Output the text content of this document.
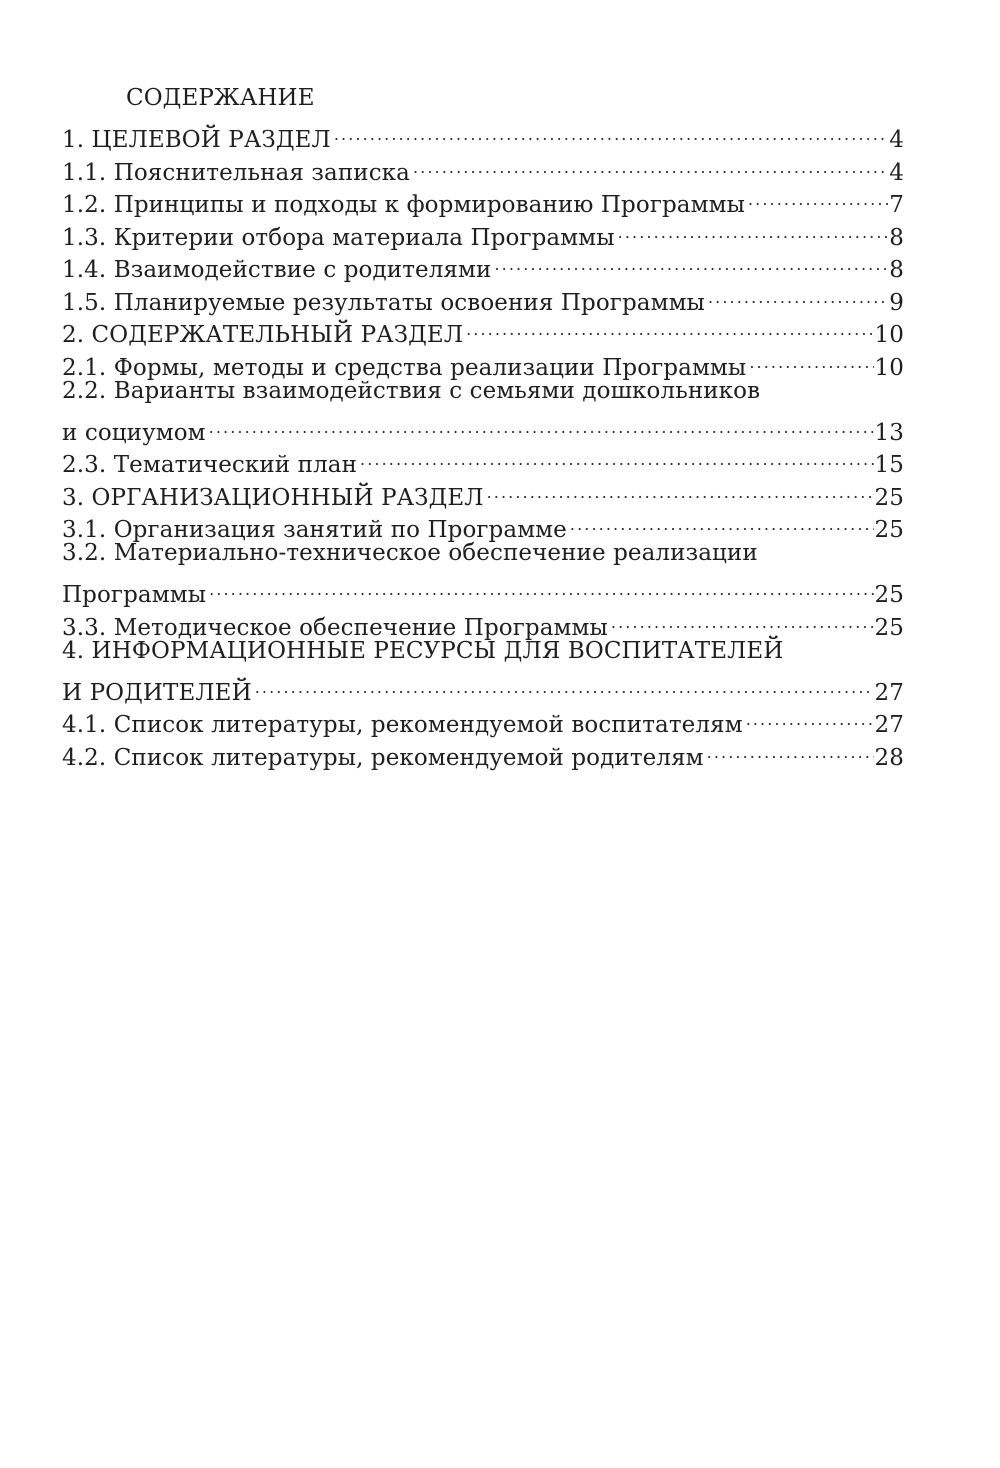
СОДЕРЖАНИЕ
1. ЦЕЛЕВОЙ РАЗДЕЛ .....	4
1.1. Пояснительная записка .....	4
1.2. Принципы и подходы к формированию Программы .....	7
1.3. Критерии отбора материала Программы .....	8
1.4. Взаимодействие с родителями .....	8
1.5. Планируемые результаты освоения Программы .....	9
2. СОДЕРЖАТЕЛЬНЫЙ РАЗДЕЛ .....	10
2.1. Формы, методы и средства реализации Программы .....	10
2.2. Варианты взаимодействия с семьями дошкольников
и социумом .....	13
2.3. Тематический план .....	15
3. ОРГАНИЗАЦИОННЫЙ РАЗДЕЛ .....	25
3.1. Организация занятий по Программе .....	25
3.2. Материально-техническое обеспечение реализации
Программы .....	25
3.3. Методическое обеспечение Программы .....	25
4. ИНФОРМАЦИОННЫЕ РЕСУРСЫ ДЛЯ ВОСПИТАТЕЛЕЙ
И РОДИТЕЛЕЙ .....	27
4.1. Список литературы, рекомендуемой воспитателям .....	27
4.2. Список литературы, рекомендуемой родителям .....	28
